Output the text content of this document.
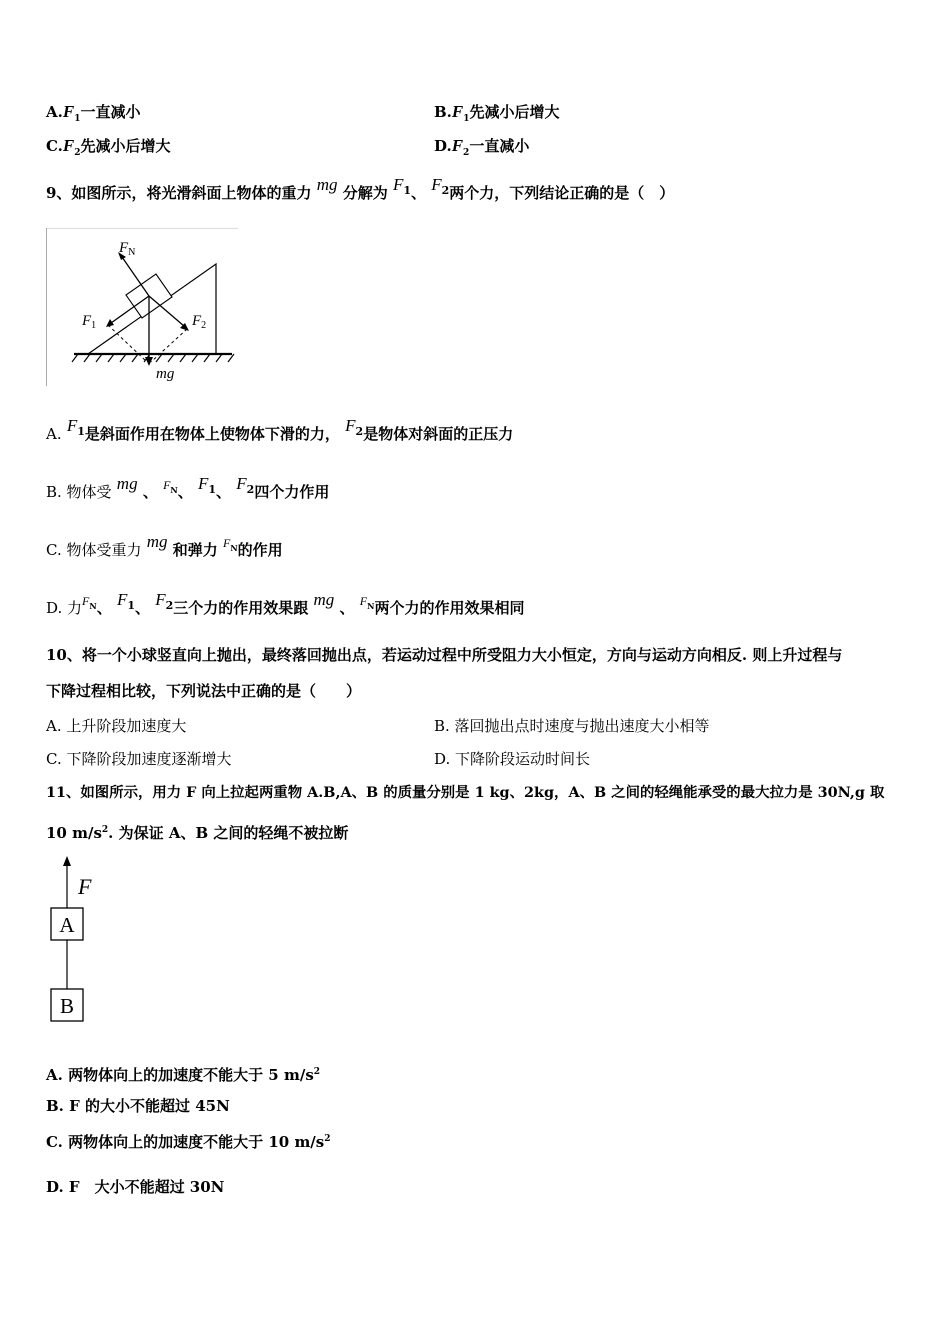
$A.F_1$一直减小	$B.F_1$先减小后增大
$C.F_2$先减小后增大	$D.F_2$一直减小
9、如图所示，将光滑斜面上物体的重力 mg 分解为 $F_1$、 $F_2$两个力，下列结论正确的是（　）
$F_N$
$F_1$	$F_2$
mg
A. $F_1$是斜面作用在物体上使物体下滑的力， $F_2$是物体对斜面的正压力
B. 物体受 mg 、 $F_N$、 $F_1$、 $F_2$四个力作用
C. 物体受重力 mg 和弹力 $F_N$的作用
D. 力$F_N$、 $F_1$、 $F_2$三个力的作用效果跟 mg 、 $F_N$两个力的作用效果相同
10、将一个小球竖直向上抛出，最终落回抛出点，若运动过程中所受阻力大小恒定，方向与运动方向相反. 则上升过程与
下降过程相比较，下列说法中正确的是（　　）
A. 上升阶段加速度大	B. 落回抛出点时速度与抛出速度大小相等
C. 下降阶段加速度逐渐增大	D. 下降阶段运动时间长
11、如图所示，用力 F 向上拉起两重物 A.B,A、B 的质量分别是 1 kg、2kg，A、B 之间的轻绳能承受的最大拉力是 30N,g 取
10 $m/s^2$. 为保证 A、B 之间的轻绳不被拉断
F
A
B
A. 两物体向上的加速度不能大于 5 $m/s^2$
B. F 的大小不能超过 45N
C. 两物体向上的加速度不能大于 10 $m/s^2$
D. F　大小不能超过 30N
